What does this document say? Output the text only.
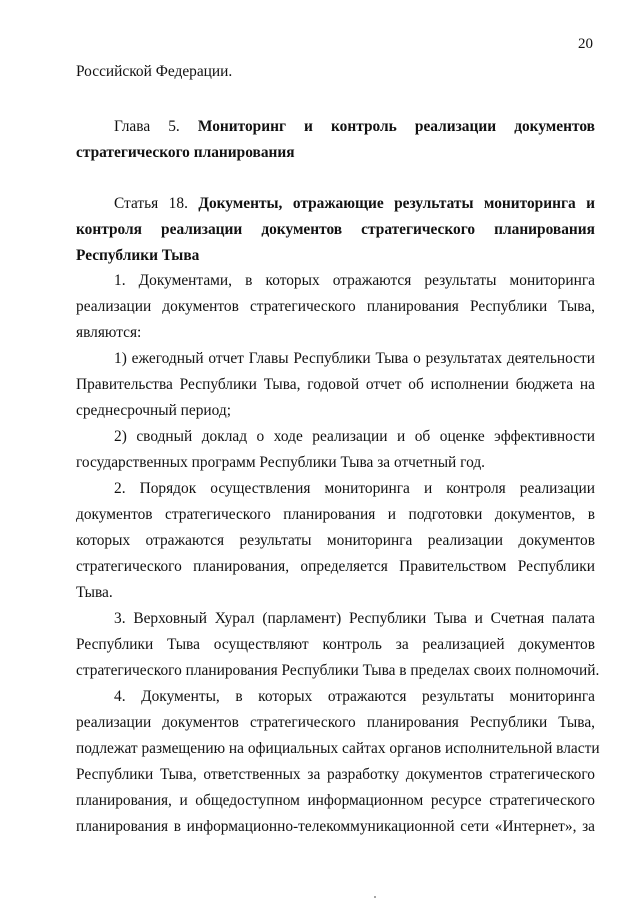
20
Российской Федерации.
Глава 5. Мониторинг и контроль реализации документов
стратегического планирования
Статья 18. Документы, отражающие результаты мониторинга и
контроля реализации документов стратегического планирования
Республики Тыва
1. Документами, в которых отражаются результаты мониторинга
реализации документов стратегического планирования Республики Тыва,
являются:
1) ежегодный отчет Главы Республики Тыва о результатах деятельности
Правительства Республики Тыва, годовой отчет об исполнении бюджета на
среднесрочный период;
2) сводный доклад о ходе реализации и об оценке эффективности
государственных программ Республики Тыва за отчетный год.
2. Порядок осуществления мониторинга и контроля реализации
документов стратегического планирования и подготовки документов, в
которых отражаются результаты мониторинга реализации документов
стратегического планирования, определяется Правительством Республики
Тыва.
3. Верховный Хурал (парламент) Республики Тыва и Счетная палата
Республики Тыва осуществляют контроль за реализацией документов
стратегического планирования Республики Тыва в пределах своих полномочий.
4. Документы, в которых отражаются результаты мониторинга
реализации документов стратегического планирования Республики Тыва,
подлежат размещению на официальных сайтах органов исполнительной власти
Республики Тыва, ответственных за разработку документов стратегического
планирования, и общедоступном информационном ресурсе стратегического
планирования в информационно-телекоммуникационной сети «Интернет», за
